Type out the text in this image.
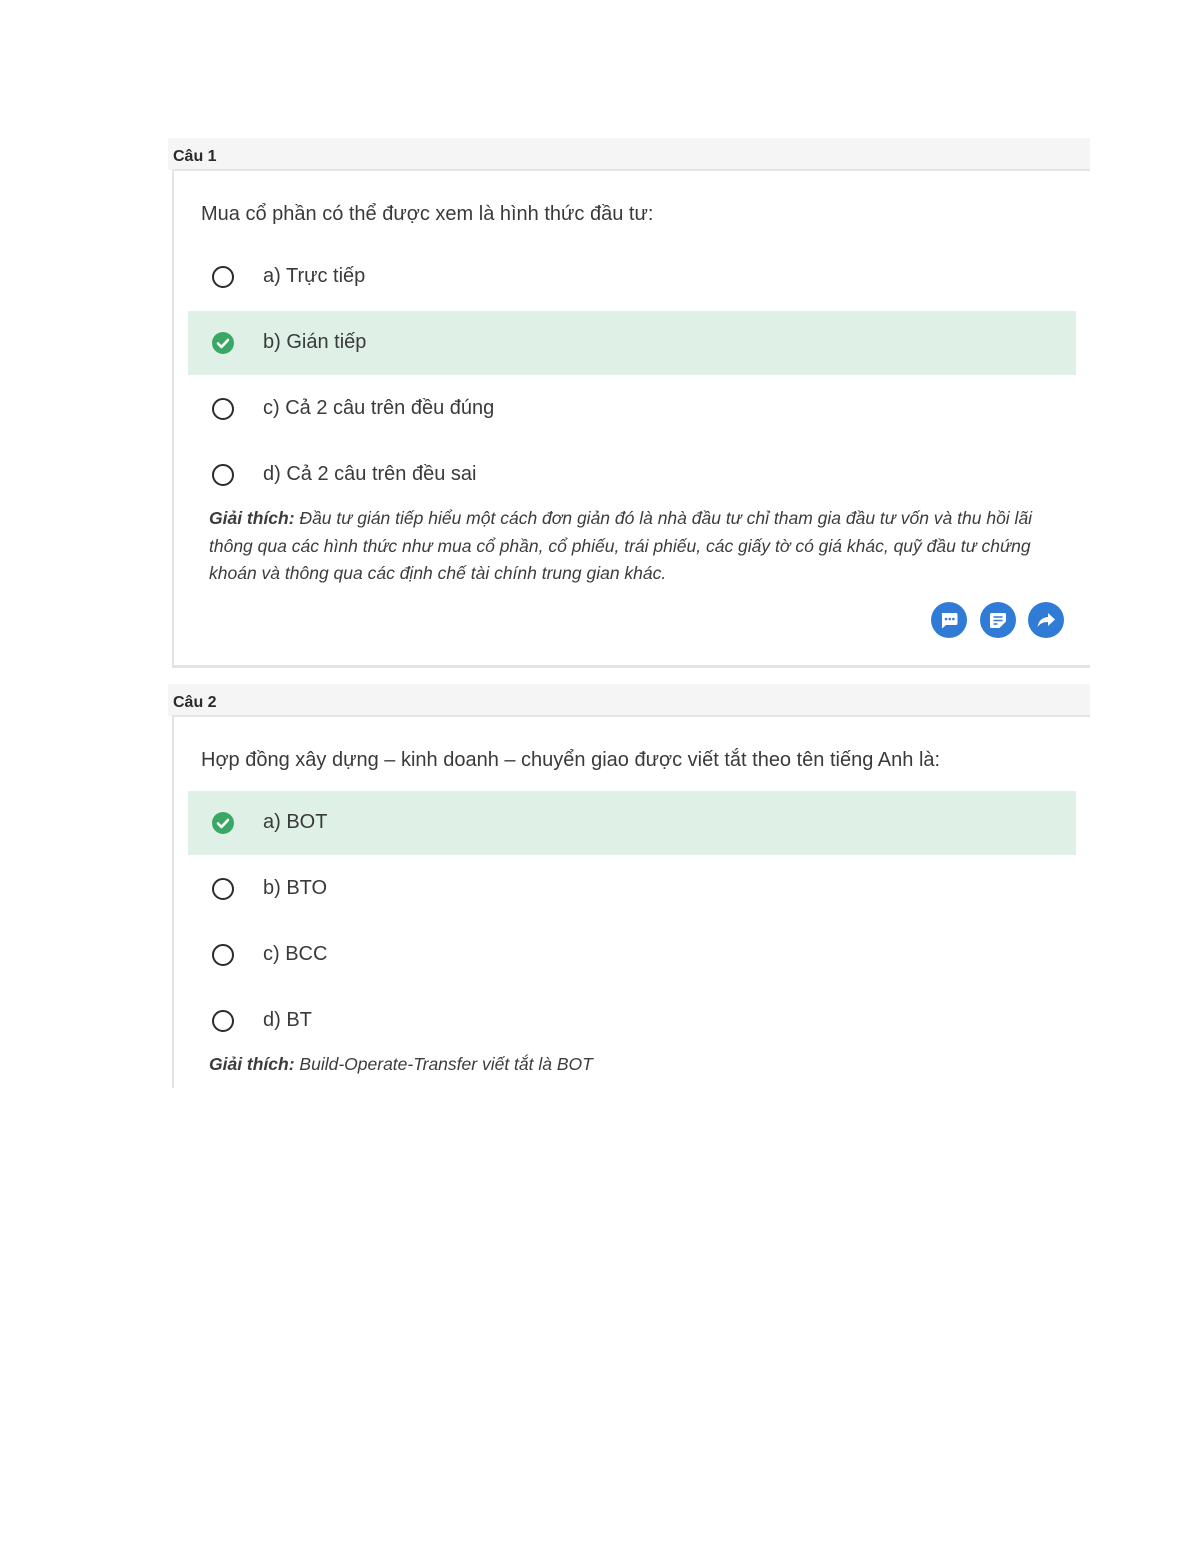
Câu 1
Mua cổ phần có thể được xem là hình thức đầu tư:
a) Trực tiếp
b) Gián tiếp
c) Cả 2 câu trên đều đúng
d) Cả 2 câu trên đều sai
Giải thích: Đầu tư gián tiếp hiểu một cách đơn giản đó là nhà đầu tư chỉ tham gia đầu tư vốn và thu hồi lãi thông qua các hình thức như mua cổ phần, cổ phiếu, trái phiếu, các giấy tờ có giá khác, quỹ đầu tư chứng khoán và thông qua các định chế tài chính trung gian khác.
Câu 2
Hợp đồng xây dựng – kinh doanh – chuyển giao được viết tắt theo tên tiếng Anh là:
a) BOT
b) BTO
c) BCC
d) BT
Giải thích: Build-Operate-Transfer viết tắt là BOT
